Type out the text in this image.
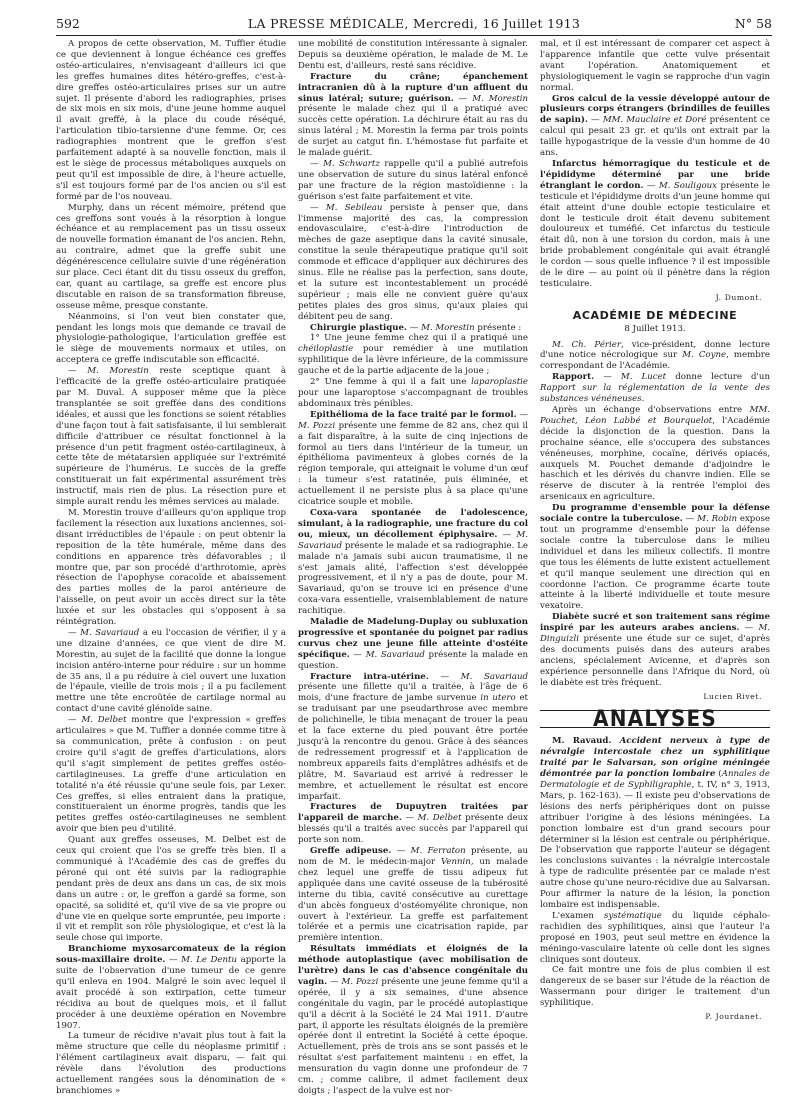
592	LA PRESSE MÉDICALE, Mercredi, 16 Juillet 1913	N° 58

A propos de cette observation, M. Tuffier étudie ce que deviennent à longue échéance ces greffes ostéo-articulaires, n'envisageant d'ailleurs ici que les greffes humaines dites hétéro-greffes, c'est-à-dire greffes ostéo-articulaires prises sur un autre sujet. Il présente d'abord les radiographies, prises de six mois en six mois, d'une jeune homme auquel il avait greffé, à la place du coude réséqué, l'articulation tibio-tarsienne d'une femme. Or, ces radiographies montrent que le greffon s'est parfaitement adapté à sa nouvelle fonction, mais il est le siège de processus métaboliques auxquels on peut qu'il est impossible de dire, à l'heure actuelle, s'il est toujours formé par de l'os ancien ou s'il est formé par de l'os nouveau.

Murphy, dans un récent mémoire, prétend que ces greffons sont voués à la résorption à longue échéance et au remplacement pas un tissu osseux de nouvelle formation émanant de l'os ancien. Rehn, au contraire, admet que la greffe subit une dégénérescence cellulaire suivie d'une régénération sur place. Ceci étant dit du tissu osseux du greffon, car, quant au cartilage, sa greffe est encore plus discutable en raison de sa transformation fibreuse, osseuse même, presque constante.

Néanmoins, si l'on veut bien constater que, pendant les longs mois que demande ce travail de physiologie-pathologique, l'articulation greffée est le siège de mouvements normaux et utiles, on acceptera ce greffe indiscutable son efficacité.

— M. Morestin reste sceptique quant à l'efficacité de la greffe ostéo-articulaire pratiquée par M. Duval. A supposer même que la pièce transplantée se soit greffée dans des conditions idéales, et aussi que les fonctions se soient rétablies d'une façon tout à fait satisfaisante, il lui semblerait difficile d'attribuer ce résultat fonctionnel à la présence d'un petit fragment ostéo-cartilagineux, à cette tête de métatarsien appliquée sur l'extrémité supérieure de l'humérus. Le succès de la greffe constituerait un fait expérimental assurément très instructif, mais rien de plus. La résection pure et simple aurait rendu les mêmes services au malade.

M. Morestin trouve d'ailleurs qu'on applique trop facilement la résection aux luxations anciennes, soi-disant irréductibles de l'épaule : on peut obtenir la reposition de la tête humérale, même dans des conditions en apparence très défavorables ; il montre que, par son procédé d'arthrotomie, après résection de l'apophyse coracoïde et abaissement des parties molles de la paroi antérieure de l'aisselle, on peut avoir un accès direct sur la tête luxée et sur les obstacles qui s'opposent à sa réintégration.

— M. Savariaud a eu l'occasion de vérifier, il y a une dizaine d'années, ce que vient de dire M. Morestin, au sujet de la facilité que donne la longue incision antéro-interne pour réduire : sur un homme de 35 ans, il a pu réduire à ciel ouvert une luxation de l'épaule, vieille de trois mois ; il a pu facilement mettre une tête encroûtée de cartilage normal au contact d'une cavité glénoïde saine.

— M. Delbet montre que l'expression « greffes articulaires » que M. Tuffier a donnée comme titre à sa communication, prête à confusion : on peut croire qu'il s'agit de greffes d'articulations, alors qu'il s'agit simplement de petites greffes ostéo-cartilagineuses. La greffe d'une articulation en totalité n'a été réussie qu'une seule fois, par Lexer. Ces greffes, si elles entraient dans la pratique, constitueraient un énorme progrès, tandis que les petites greffes ostéo-cartilagineuses ne semblent avoir que bien peu d'utilité.

Quant aux greffes osseuses, M. Delbet est de ceux qui croient que l'os se greffe très bien. Il a communiqué à l'Académie des cas de greffes du péroné qui ont été suivis par la radiographie pendant près de deux ans dans un cas, de six mois dans un autre : or, le greffon a gardé sa forme, son opacité, sa solidité et, qu'il vive de sa vie propre ou d'une vie en quelque sorte empruntée, peu importe : il vit et remplit son rôle physiologique, et c'est là la seule chose qui importe.

Branchiome myxosarcomateux de la région sous-maxillaire droite. — M. Le Dentu apporte la suite de l'observation d'une tumeur de ce genre qu'il enleva en 1904. Malgré le soin avec lequel il avait procédé à son extirpation, cette tumeur récidiva au bout de quelques mois, et il fallut procéder à une deuxième opération en Novembre 1907.

La tumeur de récidive n'avait plus tout à fait la même structure que celle du néoplasme primitif : l'élément cartilagineux avait disparu, — fait qui révèle dans l'évolution des productions actuellement rangées sous la dénomination de « branchiomes »

une mobilité de constitution intéressante à signaler. Depuis sa deuxième opération, le malade de M. Le Dentu est, d'ailleurs, resté sans récidive.

Fracture du crâne; épanchement intracranien dû à la rupture d'un affluent du sinus latéral; suture; guérison. — M. Morestin présente le malade chez qui il a pratiqué avec succès cette opération. La déchirure était au ras du sinus latéral ; M. Morestin la ferma par trois points de surjet au catgut fin. L'hémostase fut parfaite et le malade guérit.

— M. Schwartz rappelle qu'il a publié autrefois une observation de suture du sinus latéral enfoncé par une fracture de la région mastoïdienne : la guérison s'est faite parfaitement et vite.

— M. Sebileau persiste à penser que, dans l'immense majorité des cas, la compression endovasculaire, c'est-à-dire l'introduction de mèches de gaze aseptique dans la cavité sinusale, constitue la seule thérapeutique pratique qu'il soit commode et efficace d'appliquer aux déchirures des sinus. Elle ne réalise pas la perfection, sans doute, et la suture est incontestablement un procédé supérieur ; mais elle ne convient guère qu'aux petites plaies des gros sinus, qu'aux plaies qui débitent peu de sang.

Chirurgie plastique. — M. Morestin présente :

1° Une jeune femme chez qui il a pratiqué une chéiloplastie pour remédier à une mutilation syphilitique de la lèvre inférieure, de la commissure gauche et de la partie adjacente de la joue ;

2° Une femme à qui il a fait une laparoplastie pour une laparoptose s'accompagnant de troubles abdominaux très pénibles.

Epithélioma de la face traité par le formol. — M. Pozzi présente une femme de 82 ans, chez qui il a fait disparaître, à la suite de cinq injections de formol au tiers dans l'intérieur de la tumeur, un épithélioma pavimenteux à globes cornés de la région temporale, qui atteignait le volume d'un œuf : la tumeur s'est ratatinée, puis éliminée, et actuellement il ne persiste plus à sa place qu'une cicatrice souple et mobile.

Coxa-vara spontanée de l'adolescence, simulant, à la radiographie, une fracture du col ou, mieux, un décollement épiphysaire. — M. Savariaud présente le malade et sa radiographie. Le malade n'a jamais subi aucun traumatisme, il ne s'est jamais alité, l'affection s'est développée progressivement, et il n'y a pas de doute, pour M. Savariaud, qu'on se trouve ici en présence d'une coxa-vara essentielle, vraisemblablement de nature rachitique.

Maladie de Madelung-Duplay ou subluxation progressive et spontanée du poignet par radius curvus chez une jeune fille atteinte d'ostéite spécifique. — M. Savariaud présente la malade en question.

Fracture intra-utérine. — M. Savariaud présente une fillette qu'il a traitée, à l'âge de 6 mois, d'une fracture de jambe survenue in utero et se traduisant par une pseudarthrose avec membre de polichinelle, le tibia menaçant de trouer la peau et la face externe du pied pouvant être portée jusqu'à la rencontre du genou. Grâce à des séances de redressement progressif et à l'application de nombreux appareils faits d'emplâtres adhésifs et de plâtre, M. Savariaud est arrivé à redresser le membre, et actuellement le résultat est encore imparfait.

Fractures de Dupuytren traitées par l'appareil de marche. — M. Delbet présente deux blessés qu'il a traités avec succès par l'appareil qui porte son nom.

Greffe adipeuse. — M. Ferraton présente, au nom de M. le médecin-major Vennin, un malade chez lequel une greffe de tissu adipeux fut appliquée dans une cavité osseuse de la tubérosité interne du tibia, cavité consécutive au curettage d'un abcès fongueux d'ostéomyélite chronique, non ouvert à l'extérieur. La greffe est parfaitement tolérée et a permis une cicatrisation rapide, par première intention.

Résultats immédiats et éloignés de la méthode autoplastique (avec mobilisation de l'urètre) dans le cas d'absence congénitale du vagin. — M. Pozzi présente une jeune femme qu'il a opérée, il y a six semaines, d'une absence congénitale du vagin, par le procédé autoplastique qu'il a décrit à la Société le 24 Mai 1911. D'autre part, il apporte les résultats éloignés de la première opérée dont il entretint la Société à cette époque. Actuellement, près de trois ans se sont passés et le résultat s'est parfaitement maintenu : en effet, la mensuration du vagin donne une profondeur de 7 cm. ; comme calibre, il admet facilement deux doigts ; l'aspect de la vulve est nor-

mal, et il est intéressant de comparer cet aspect à l'apparence infantile que cette vulve présentait avant l'opération. Anatomiquement et physiologiquement le vagin se rapproche d'un vagin normal.

Gros calcul de la vessie développé autour de plusieurs corps étrangers (brindilles de feuilles de sapin). — MM. Mauclaire et Doré présentent ce calcul qui pesait 23 gr. et qu'ils ont extrait par la taille hypogastrique de la vessie d'un homme de 40 ans.

Infarctus hémorragique du testicule et de l'épididyme déterminé par une bride étranglant le cordon. — M. Souligoux présente le testicule et l'épididyme droits d'un jeune homme qui était atteint d'une double ectopie testiculaire et dont le testicule droit était devenu subitement douloureux et tuméfié. Cet infarctus du testicule était dû, non à une torsion du cordon, mais à une bride probablement congénitale qui avait étranglé le cordon — sous quelle influence ? il est impossible de le dire — au point où il pénètre dans la région testiculaire.

J. Dumont.
ACADÉMIE DE MÉDECINE
8 Juillet 1913.

M. Ch. Périer, vice-président, donne lecture d'une notice nécrologique sur M. Coyne, membre correspondant de l'Académie.

Rapport. — M. Lucet donne lecture d'un Rapport sur la réglementation de la vente des substances vénéneuses.

Après un échange d'observations entre MM. Pouchet, Léon Labbé et Bourquelot, l'Académie décide la disjonction de la question. Dans la prochaine séance, elle s'occupera des substances vénéneuses, morphine, cocaïne, dérivés opiacés, auxquels M. Pouchet demande d'adjoindre le haschich et les dérivés du chanvre indien. Elle se réserve de discuter à la rentrée l'emploi des arsenicaux en agriculture.

Du programme d'ensemble pour la défense sociale contre la tuberculose. — M. Robin expose tout un programme d'ensemble pour la défense sociale contre la tuberculose dans le milieu individuel et dans les milieux collectifs. Il montre que tous les éléments de lutte existent actuellement et qu'il manque seulement une direction qui en coordonne l'action. Ce programme écarte toute atteinte à la liberté individuelle et toute mesure vexatoire.

Diabète sucré et son traitement sans régime inspiré par les auteurs arabes anciens. — M. Dinguizli présente une étude sur ce sujet, d'après des documents puisés dans des auteurs arabes anciens, spécialement Avicenne, et d'après son expérience personnelle dans l'Afrique du Nord, où le diabète est très fréquent.

Lucien Rivet.
ANALYSES

M. Ravaud. Accident nerveux à type de névralgie intercostale chez un syphilitique traité par le Salvarsan, son origine méningée démontrée par la ponction lombaire (Annales de Dermatologie et de Syphiligraphie, t. IV, n° 3, 1913, Mars, p. 162-163). — Il existe peu d'observations de lésions des nerfs périphériques dont on puisse attribuer l'origine à des lésions méningées. La ponction lombaire est d'un grand secours pour déterminer si la lésion est centrale ou périphérique. De l'observation que rapporte l'auteur se dégagent les conclusions suivantes : la névralgie intercostale à type de radiculite présentée par ce malade n'est autre chose qu'une neuro-récidive due au Salvarsan. Pour affirmer la nature de la lésion, la ponction lombaire est indispensable.

L'examen systématique du liquide céphalo-rachidien des syphilitiques, ainsi que l'auteur l'a proposé en 1903, peut seul mettre en évidence la méningo-vasculaire latente où celle dont les signes cliniques sont douteux.

Ce fait montre une fois de plus combien il est dangereux de se baser sur l'étude de la réaction de Wassermann pour diriger le traitement d'un syphilitique.

P. Jourdanet.
